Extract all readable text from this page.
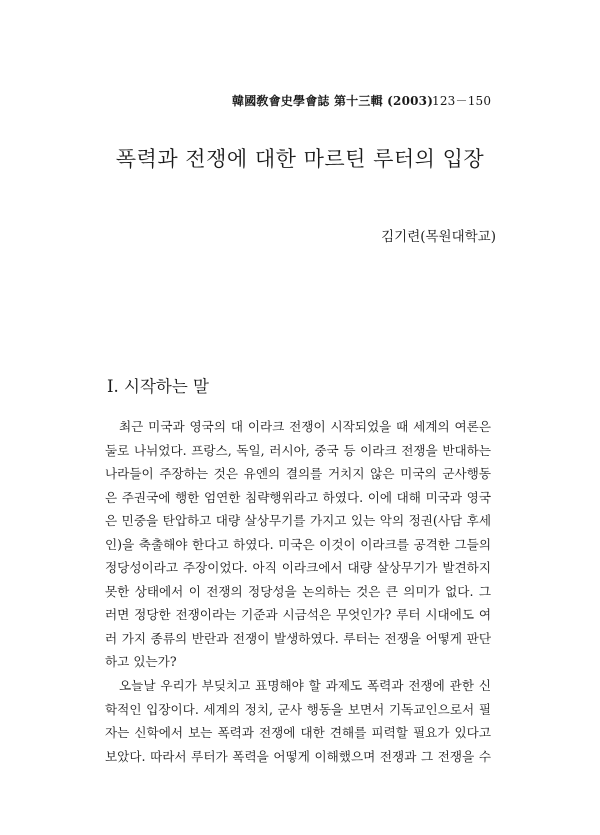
韓國敎會史學會誌 第十三輯 (2003)
123－150
폭력과 전쟁에 대한 마르틴 루터의 입장
김기련(목원대학교)
I. 시작하는 말
최근 미국과 영국의 대 이라크 전쟁이 시작되었을 때 세계의 여론은
둘로 나뉘었다. 프랑스, 독일, 러시아, 중국 등 이라크 전쟁을 반대하는
나라들이 주장하는 것은 유엔의 결의를 거치지 않은 미국의 군사행동
은 주권국에 행한 엄연한 침략행위라고 하였다. 이에 대해 미국과 영국
은 민중을 탄압하고 대량 살상무기를 가지고 있는 악의 정권(사담 후세
인)을 축출해야 한다고 하였다. 미국은 이것이 이라크를 공격한 그들의
정당성이라고 주장이었다. 아직 이라크에서 대량 살상무기가 발견하지
못한 상태에서 이 전쟁의 정당성을 논의하는 것은 큰 의미가 없다. 그
러면 정당한 전쟁이라는 기준과 시금석은 무엇인가? 루터 시대에도 여
러 가지 종류의 반란과 전쟁이 발생하였다. 루터는 전쟁을 어떻게 판단
하고 있는가?
오늘날 우리가 부딪치고 표명해야 할 과제도 폭력과 전쟁에 관한 신
학적인 입장이다. 세계의 정치, 군사 행동을 보면서 기독교인으로서 필
자는 신학에서 보는 폭력과 전쟁에 대한 견해를 피력할 필요가 있다고
보았다. 따라서 루터가 폭력을 어떻게 이해했으며 전쟁과 그 전쟁을 수
